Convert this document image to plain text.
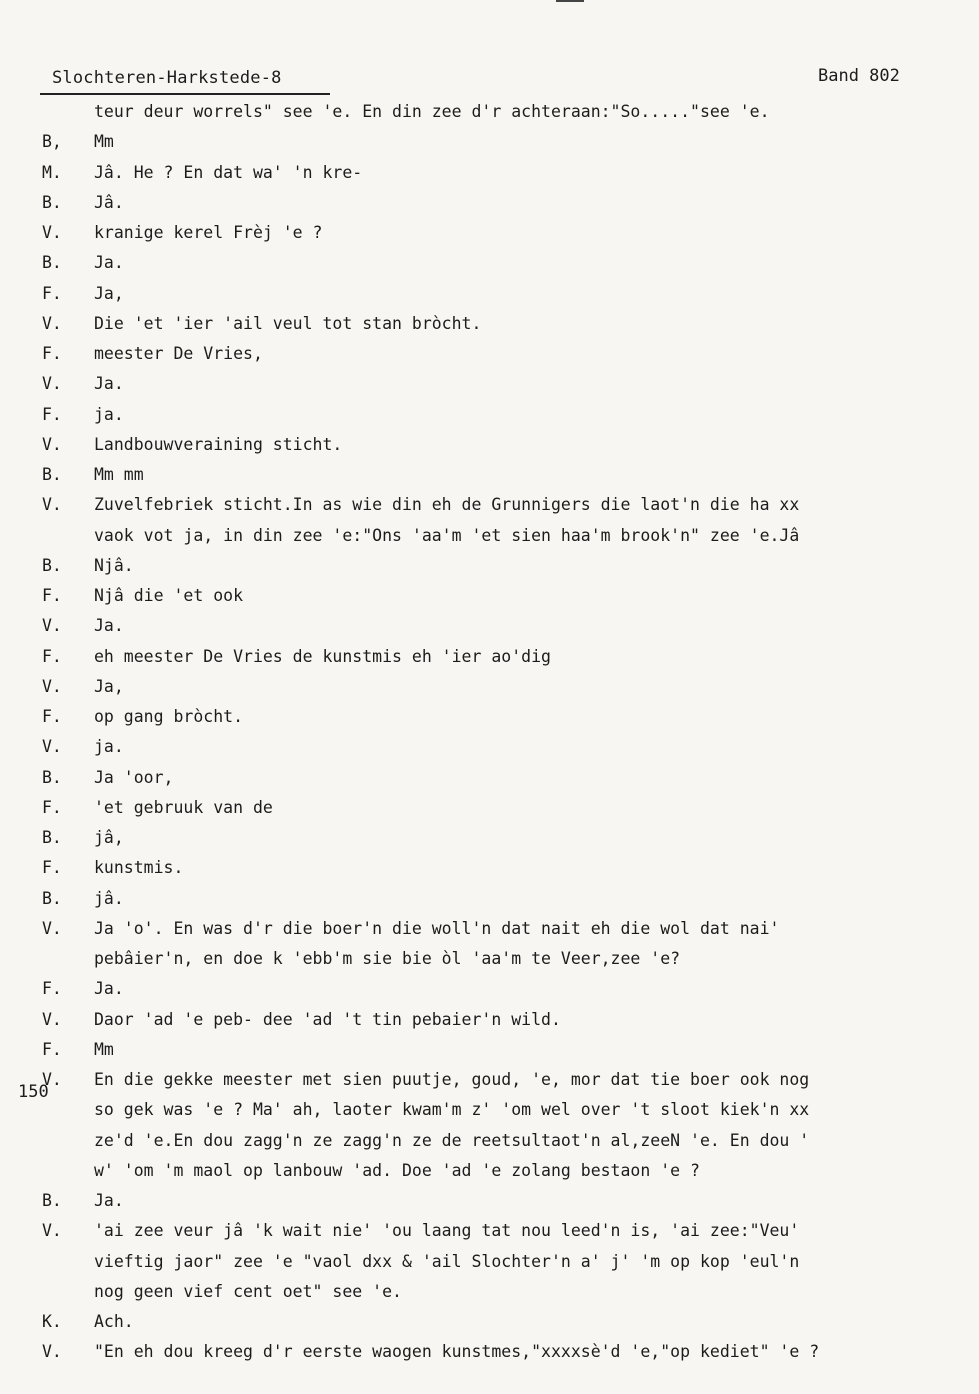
Slochteren-Harkstede-8	Band 802
150
teur deur worrels" see 'e. En din zee d'r achteraan:"So....."see 'e.
B,	Mm
M.	Jâ. He ? En dat wa' 'n kre-
B.	Jâ.
V.	kranige kerel Frèj 'e ?
B.	Ja.
F.	Ja,
V.	Die 'et 'ier 'ail veul tot stan bròcht.
F.	meester De Vries,
V.	Ja.
F.	ja.
V.	Landbouwveraining sticht.
B.	Mm mm
V.	Zuvelfebriek sticht.In as wie din eh de Grunnigers die laot'n die ha xx
vaok vot ja, in din zee 'e:"Ons 'aa'm 'et sien haa'm brook'n" zee 'e.Jâ
B.	Njâ.
F.	Njâ die 'et ook
V.	Ja.
F.	eh meester De Vries de kunstmis eh 'ier ao'dig
V.	Ja,
F.	op gang bròcht.
V.	ja.
B.	Ja 'oor,
F.	'et gebruuk van de
B.	jâ,
F.	kunstmis.
B.	jâ.
V.	Ja 'o'. En was d'r die boer'n die woll'n dat nait eh die wol dat nai'
pebâier'n, en doe k 'ebb'm sie bie òl 'aa'm te Veer,zee 'e?
F.	Ja.
V.	Daor 'ad 'e peb- dee 'ad 't tin pebaier'n wild.
F.	Mm
V.	En die gekke meester met sien puutje, goud, 'e, mor dat tie boer ook nog
so gek was 'e ? Ma' ah, laoter kwam'm z' 'om wel over 't sloot kiek'n xx
ze'd 'e.En dou zagg'n ze zagg'n ze de reetsultaot'n al,zeeN 'e. En dou '
w' 'om 'm maol op lanbouw 'ad. Doe 'ad 'e zolang bestaon 'e ?
B.	Ja.
V.	'ai zee veur jâ 'k wait nie' 'ou laang tat nou leed'n is, 'ai zee:"Veu'
vieftig jaor" zee 'e "vaol dxx & 'ail Slochter'n a' j' 'm op kop 'eul'n
nog geen vief cent oet" see 'e.
K.	Ach.
V.	"En eh dou kreeg d'r eerste waogen kunstmes,"xxxxsè'd 'e,"op kediet" 'e ?
